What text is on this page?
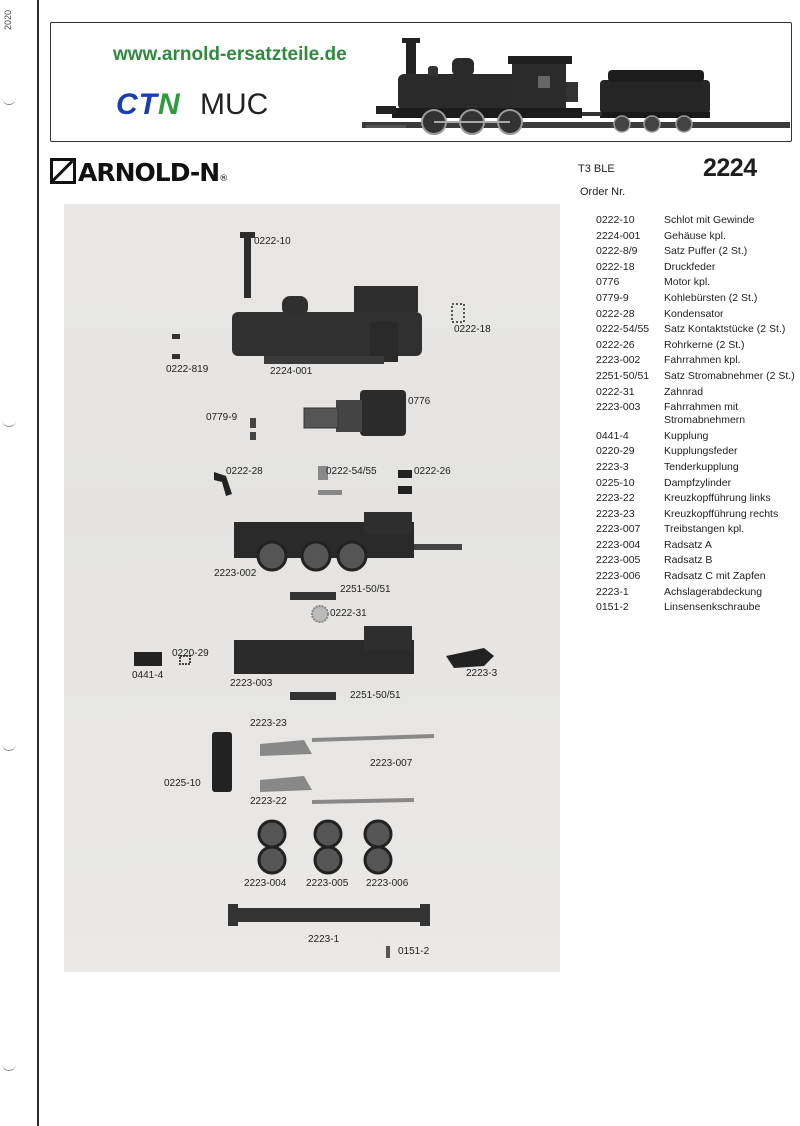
2020
www.arnold-ersatzteile.de
CTN MUC
ARNOLD-N®
T3 BLE	2224
Order Nr.
0222-10	Schlot mit Gewinde
2224-001	Gehäuse kpl.
0222-8/9	Satz Puffer (2 St.)
0222-18	Druckfeder
0776	Motor kpl.
0779-9	Kohlebürsten (2 St.)
0222-28	Kondensator
0222-54/55	Satz Kontaktstücke (2 St.)
0222-26	Rohrkerne (2 St.)
2223-002	Fahrrahmen kpl.
2251-50/51	Satz Stromabnehmer (2 St.)
0222-31	Zahnrad
2223-003	Fahrrahmen mit Stromabnehmern
0441-4	Kupplung
0220-29	Kupplungsfeder
2223-3	Tenderkupplung
0225-10	Dampfzylinder
2223-22	Kreuzkopfführung links
2223-23	Kreuzkopfführung rechts
2223-007	Treibstangen kpl.
2223-004	Radsatz A
2223-005	Radsatz B
2223-006	Radsatz C mit Zapfen
2223-1	Achslagerabdeckung
0151-2	Linsensenkschraube
0222-10
0222-18
0222-819	2224-001
0776
0779-9
0222-28	0222-54/55	0222-26
2223-002
2251-50/51
0222-31
0220-29
0441-4
2223-003
2223-3
2251-50/51
2223-23
2223-007
0225-10
2223-22
2223-004 2223-005 2223-006
2223-1
0151-2
